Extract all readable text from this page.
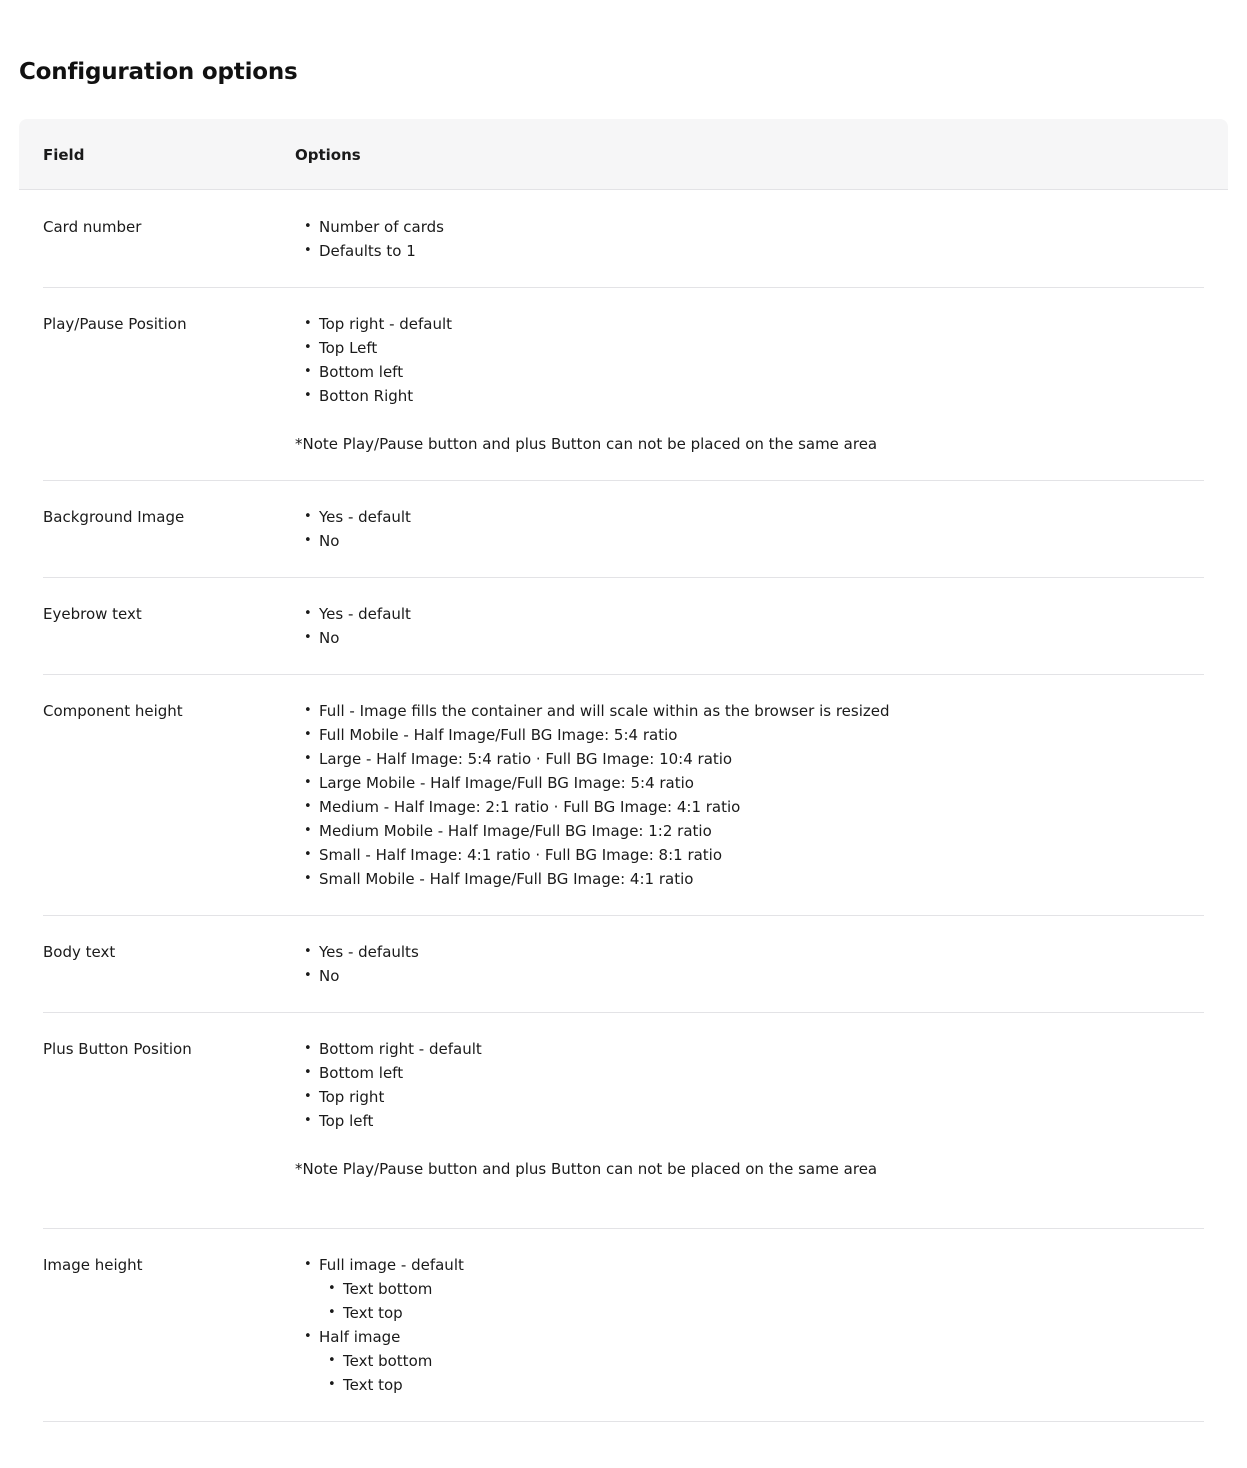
Configuration options
Field	Options
Card number	• Number of cards
• Defaults to 1
Play/Pause Position	• Top right - default
• Top Left
• Bottom left
• Botton Right
*Note Play/Pause button and plus Button can not be placed on the same area
Background Image	• Yes - default
• No
Eyebrow text	• Yes - default
• No
Component height	• Full - Image fills the container and will scale within as the browser is resized
• Full Mobile - Half Image/Full BG Image: 5:4 ratio
• Large - Half Image: 5:4 ratio · Full BG Image: 10:4 ratio
• Large Mobile - Half Image/Full BG Image: 5:4 ratio
• Medium - Half Image: 2:1 ratio · Full BG Image: 4:1 ratio
• Medium Mobile - Half Image/Full BG Image: 1:2 ratio
• Small - Half Image: 4:1 ratio · Full BG Image: 8:1 ratio
• Small Mobile - Half Image/Full BG Image: 4:1 ratio
Body text	• Yes - defaults
• No
Plus Button Position	• Bottom right - default
• Bottom left
• Top right
• Top left
*Note Play/Pause button and plus Button can not be placed on the same area
Image height	• Full image - default
• Text bottom
• Text top
• Half image
• Text bottom
• Text top
